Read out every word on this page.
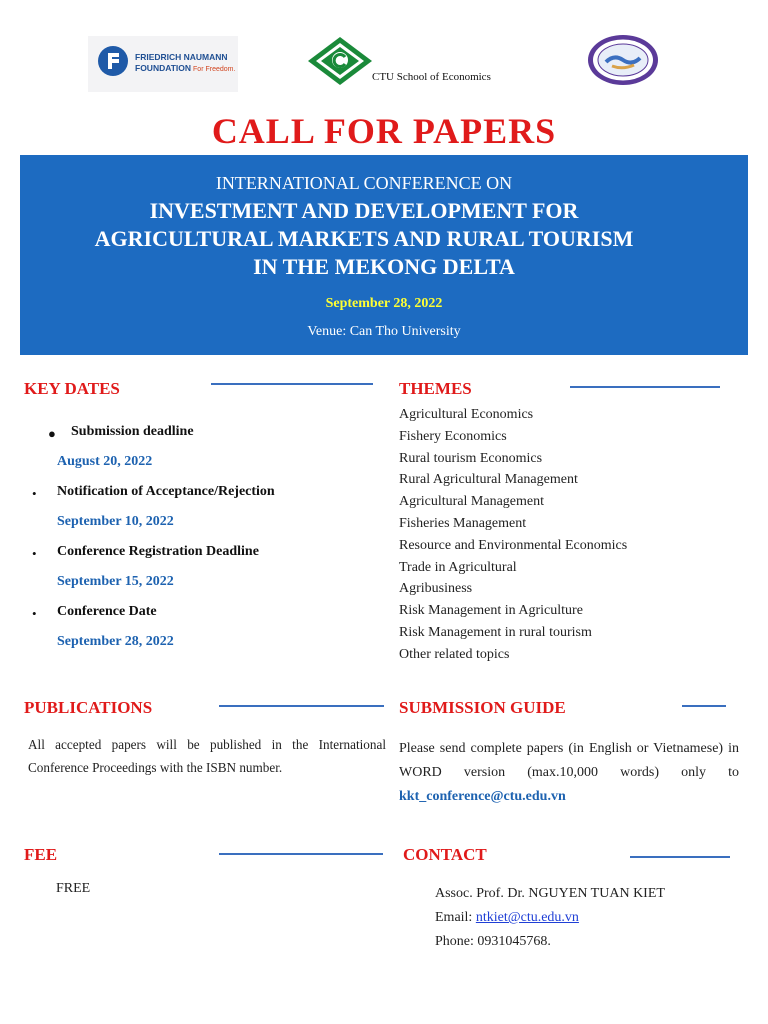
FRIEDRICH NAUMANN
FOUNDATION For Freedom.
CTU School of Economics
CALL FOR PAPERS
INTERNATIONAL CONFERENCE ON
INVESTMENT AND DEVELOPMENT FOR
AGRICULTURAL MARKETS AND RURAL TOURISM
IN THE MEKONG DELTA
September 28, 2022
Venue: Can Tho University
KEY DATES
● Submission deadline
August 20, 2022
• Notification of Acceptance/Rejection
September 10, 2022
• Conference Registration Deadline
September 15, 2022
• Conference Date
September 28, 2022
THEMES
Agricultural Economics
Fishery Economics
Rural tourism Economics
Rural Agricultural Management
Agricultural Management
Fisheries Management
Resource and Environmental Economics
Trade in Agricultural
Agribusiness
Risk Management in Agriculture
Risk Management in rural tourism
Other related topics
PUBLICATIONS
All accepted papers will be published in the International Conference Proceedings with the ISBN number.
SUBMISSION GUIDE
Please send complete papers (in English or Vietnamese) in WORD version (max.10,000 words) only to kkt_conference@ctu.edu.vn
FEE
FREE
CONTACT
Assoc. Prof. Dr. NGUYEN TUAN KIET
Email: ntkiet@ctu.edu.vn
Phone: 0931045768.
